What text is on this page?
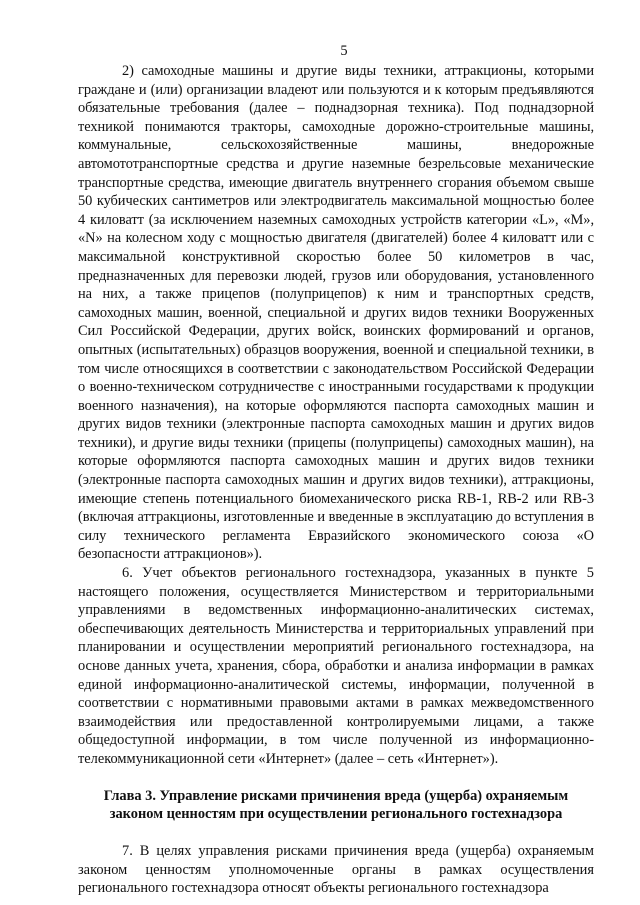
5

2) самоходные машины и другие виды техники, аттракционы, которыми граждане и (или) организации владеют или пользуются и к которым предъявляются обязательные требования (далее – поднадзорная техника). Под поднадзорной техникой понимаются тракторы, самоходные дорожно-строительные машины, коммунальные, сельскохозяйственные машины, внедорожные автомототранспортные средства и другие наземные безрельсовые механические транспортные средства, имеющие двигатель внутреннего сгорания объемом свыше 50 кубических сантиметров или электродвигатель максимальной мощностью более 4 киловатт (за исключением наземных самоходных устройств категории «L», «M», «N» на колесном ходу с мощностью двигателя (двигателей) более 4 киловатт или с максимальной конструктивной скоростью более 50 километров в час, предназначенных для перевозки людей, грузов или оборудования, установленного на них, а также прицепов (полуприцепов) к ним и транспортных средств, самоходных машин, военной, специальной и других видов техники Вооруженных Сил Российской Федерации, других войск, воинских формирований и органов, опытных (испытательных) образцов вооружения, военной и специальной техники, в том числе относящихся в соответствии с законодательством Российской Федерации о военно-техническом сотрудничестве с иностранными государствами к продукции военного назначения), на которые оформляются паспорта самоходных машин и других видов техники (электронные паспорта самоходных машин и других видов техники), и другие виды техники (прицепы (полуприцепы) самоходных машин), на которые оформляются паспорта самоходных машин и других видов техники (электронные паспорта самоходных машин и других видов техники), аттракционы, имеющие степень потенциального биомеханического риска RB-1, RB-2 или RB-3 (включая аттракционы, изготовленные и введенные в эксплуатацию до вступления в силу технического регламента Евразийского экономического союза «О безопасности аттракционов»).

6. Учет объектов регионального гостехнадзора, указанных в пункте 5 настоящего положения, осуществляется Министерством и территориальными управлениями в ведомственных информационно-аналитических системах, обеспечивающих деятельность Министерства и территориальных управлений при планировании и осуществлении мероприятий регионального гостехнадзора, на основе данных учета, хранения, сбора, обработки и анализа информации в рамках единой информационно-аналитической системы, информации, полученной в соответствии с нормативными правовыми актами в рамках межведомственного взаимодействия или предоставленной контролируемыми лицами, а также общедоступной информации, в том числе полученной из информационно-телекоммуникационной сети «Интернет» (далее – сеть «Интернет»).

Глава 3. Управление рисками причинения вреда (ущерба) охраняемым законом ценностям при осуществлении регионального гостехнадзора

7. В целях управления рисками причинения вреда (ущерба) охраняемым законом ценностям уполномоченные органы в рамках осуществления регионального гостехнадзора относят объекты регионального гостехнадзора
